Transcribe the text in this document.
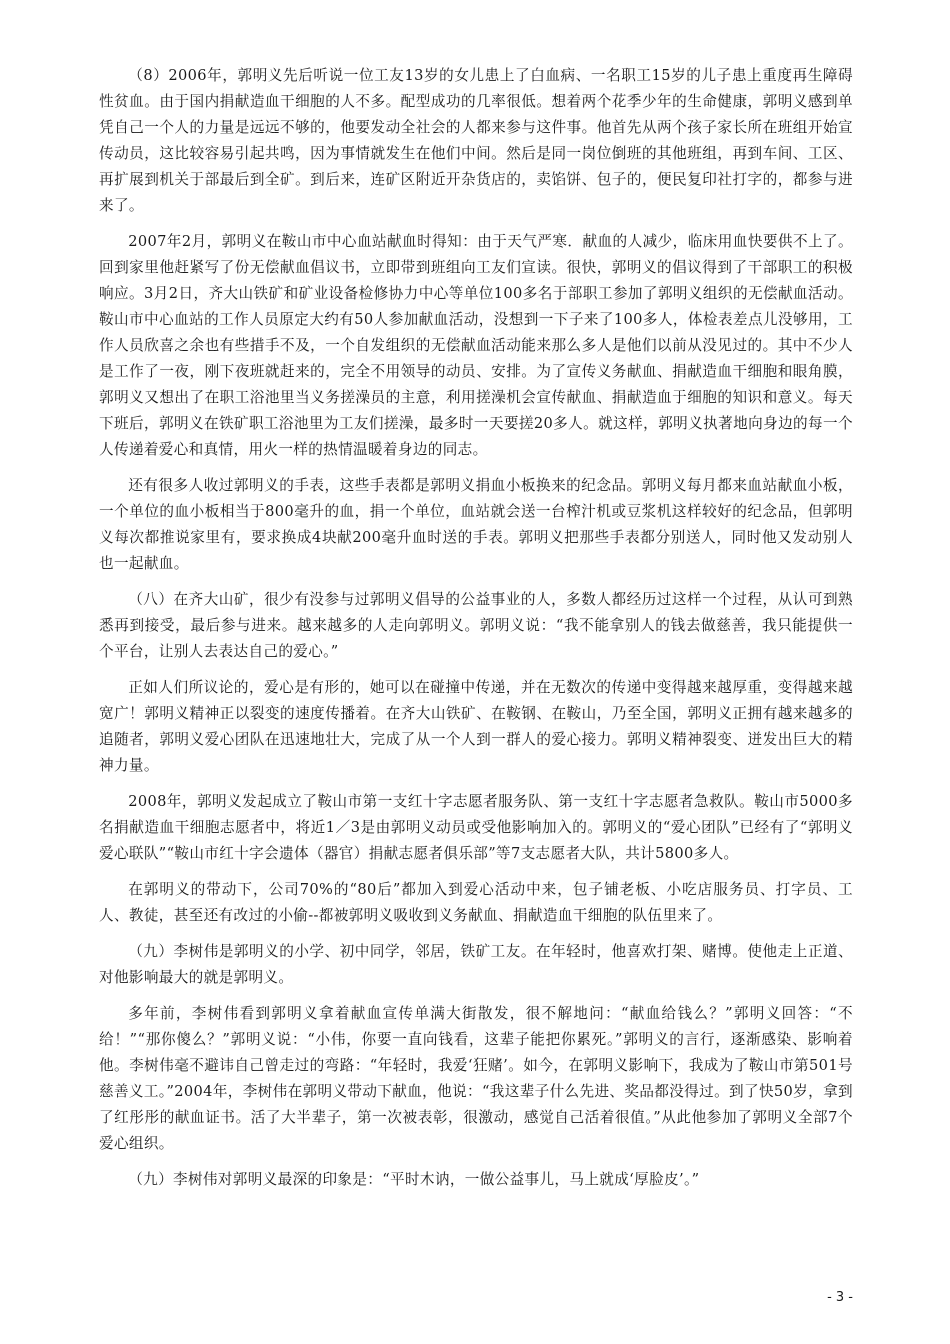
（8）2006年，郭明义先后听说一位工友13岁的女儿患上了白血病、一名职工15岁的儿子患上重度再生障碍性贫血。由于国内捐献造血干细胞的人不多。配型成功的几率很低。想着两个花季少年的生命健康，郭明义感到单凭自己一个人的力量是远远不够的，他要发动全社会的人都来参与这件事。他首先从两个孩子家长所在班组开始宣传动员，这比较容易引起共鸣，因为事情就发生在他们中间。然后是同一岗位倒班的其他班组，再到车间、工区、再扩展到机关于部最后到全矿。到后来，连矿区附近开杂货店的，卖馅饼、包子的，便民复印社打字的，都参与进来了。

2007年2月，郭明义在鞍山市中心血站献血时得知：由于天气严寒．献血的人减少，临床用血快要供不上了。回到家里他赶紧写了份无偿献血倡议书，立即带到班组向工友们宣读。很快，郭明义的倡议得到了干部职工的积极响应。3月2日，齐大山铁矿和矿业设备检修协力中心等单位100多名于部职工参加了郭明义组织的无偿献血活动。鞍山市中心血站的工作人员原定大约有50人参加献血活动，没想到一下子来了100多人，体检表差点儿没够用，工作人员欣喜之余也有些措手不及，一个自发组织的无偿献血活动能来那么多人是他们以前从没见过的。其中不少人是工作了一夜，刚下夜班就赶来的，完全不用领导的动员、安排。为了宣传义务献血、捐献造血干细胞和眼角膜，郭明义又想出了在职工浴池里当义务搓澡员的主意，利用搓澡机会宣传献血、捐献造血于细胞的知识和意义。每天下班后，郭明义在铁矿职工浴池里为工友们搓澡，最多时一天要搓20多人。就这样，郭明义执著地向身边的每一个人传递着爱心和真情，用火一样的热情温暖着身边的同志。

还有很多人收过郭明义的手表，这些手表都是郭明义捐血小板换来的纪念品。郭明义每月都来血站献血小板，一个单位的血小板相当于800毫升的血，捐一个单位，血站就会送一台榨汁机或豆浆机这样较好的纪念品，但郭明义每次都推说家里有，要求换成4块献200毫升血时送的手表。郭明义把那些手表都分别送人，同时他又发动别人也一起献血。

（八）在齐大山矿，很少有没参与过郭明义倡导的公益事业的人，多数人都经历过这样一个过程，从认可到熟悉再到接受，最后参与进来。越来越多的人走向郭明义。郭明义说：“我不能拿别人的钱去做慈善，我只能提供一个平台，让别人去表达自己的爱心。”

正如人们所议论的，爱心是有形的，她可以在碰撞中传递，并在无数次的传递中变得越来越厚重，变得越来越宽广！郭明义精神正以裂变的速度传播着。在齐大山铁矿、在鞍钢、在鞍山，乃至全国，郭明义正拥有越来越多的追随者，郭明义爱心团队在迅速地壮大，完成了从一个人到一群人的爱心接力。郭明义精神裂变、迸发出巨大的精神力量。

2008年，郭明义发起成立了鞍山市第一支红十字志愿者服务队、第一支红十字志愿者急救队。鞍山市5000多名捐献造血干细胞志愿者中，将近1／3是由郭明义动员或受他影响加入的。郭明义的“爱心团队”已经有了“郭明义爱心联队”“鞍山市红十字会遗体（器官）捐献志愿者俱乐部”等7支志愿者大队，共计5800多人。

在郭明义的带动下，公司70%的“80后”都加入到爱心活动中来，包子铺老板、小吃店服务员、打字员、工人、教徒，甚至还有改过的小偷--都被郭明义吸收到义务献血、捐献造血干细胞的队伍里来了。

（九）李树伟是郭明义的小学、初中同学，邻居，铁矿工友。在年轻时，他喜欢打架、赌博。使他走上正道、对他影响最大的就是郭明义。

多年前，李树伟看到郭明义拿着献血宣传单满大街散发，很不解地问：“献血给钱么？”郭明义回答：“不给！”“那你傻么？”郭明义说：“小伟，你要一直向钱看，这辈子能把你累死。”郭明义的言行，逐渐感染、影响着他。李树伟毫不避讳自己曾走过的弯路：“年轻时，我爱‘狂赌’。如今，在郭明义影响下，我成为了鞍山市第501号慈善义工。”2004年，李树伟在郭明义带动下献血，他说：“我这辈子什么先进、奖品都没得过。到了快50岁，拿到了红彤彤的献血证书。活了大半辈子，第一次被表彰，很激动，感觉自己活着很值。”从此他参加了郭明义全部7个爱心组织。

（九）李树伟对郭明义最深的印象是：“平时木讷，一做公益事儿，马上就成‘厚脸皮’。”

- 3 -
